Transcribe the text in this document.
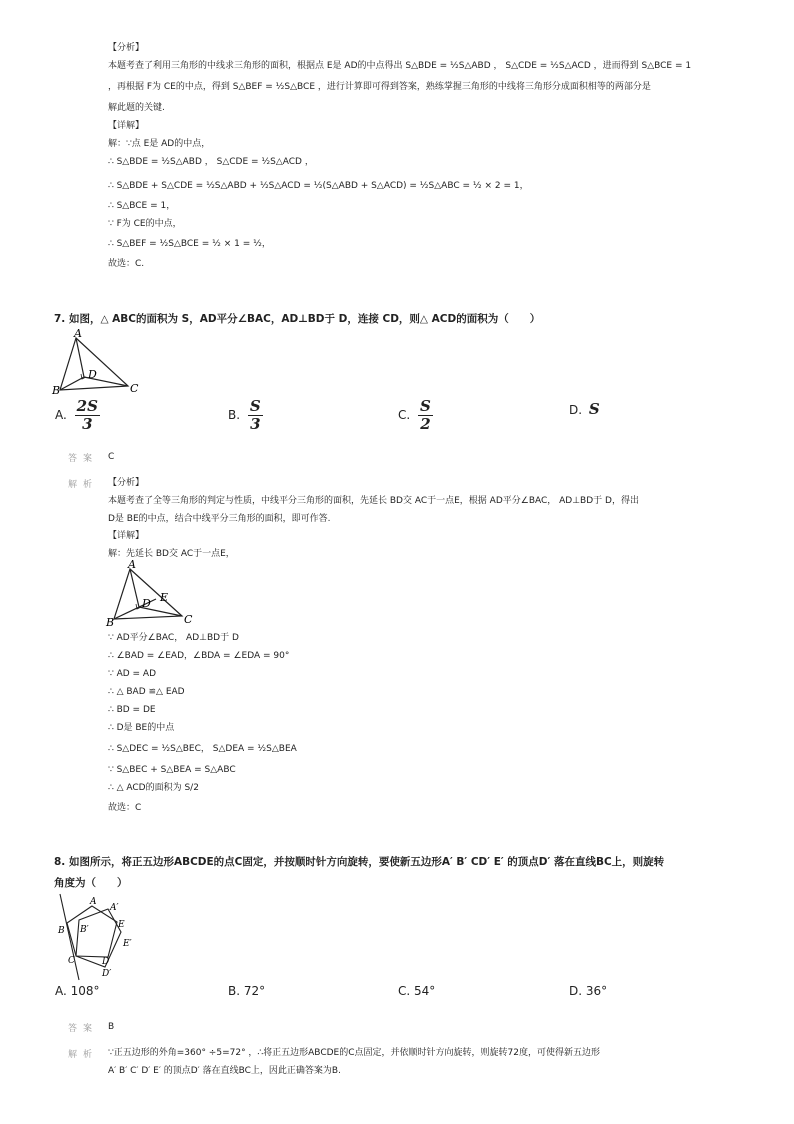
【分析】
本题考查了利用三角形的中线求三角形的面积，根据点 E是 AD的中点得出 S△BDE = ½S△ABD ， S△CDE = ½S△ACD ，进而得到 S△BCE = 1
，再根据 F为 CE的中点，得到 S△BEF = ½S△BCE ，进行计算即可得到答案，熟练掌握三角形的中线将三角形分成面积相等的两部分是
解此题的关键.
【详解】
解：∵点 E是 AD的中点，
∴ S△BDE = ½S△ABD ， S△CDE = ½S△ACD ，
∴ S△BDE + S△CDE = ½S△ABD + ½S△ACD = ½(S△ABD + S△ACD) = ½S△ABC = ½ × 2 = 1，
∴ S△BCE = 1，
∵ F为 CE的中点，
∴ S△BEF = ½S△BCE = ½ × 1 = ½，
故选：C.
7. 如图，△ ABC的面积为 S，AD平分∠BAC，AD⊥BD于 D，连接 CD，则△ ACD的面积为（　　）
A
B	C
D
A. $\frac{2S}{3}$	B. $\frac{S}{3}$	C. $\frac{S}{2}$	D. S
答案 C
解析 【分析】
本题考查了全等三角形的判定与性质，中线平分三角形的面积，先延长 BD交 AC于一点E，根据 AD平分∠BAC， AD⊥BD于 D，得出
D是 BE的中点，结合中线平分三角形的面积，即可作答.
【详解】
解：先延长 BD交 AC于一点E，
A
B	C
D E
∵ AD平分∠BAC， AD⊥BD于 D
∴ ∠BAD = ∠EAD，∠BDA = ∠EDA = 90°
∵ AD = AD
∴ △ BAD ≌△ EAD
∴ BD = DE
∴ D是 BE的中点
∴ S△DEC = ½S△BEC， S△DEA = ½S△BEA
∵ S△BEC + S△BEA = S△ABC
∴ △ ACD的面积为 S/2
故选：C
8. 如图所示，将正五边形ABCDE的点C固定，并按顺时针方向旋转，要使新五边形A′ B′ CD′ E′ 的顶点D′ 落在直线BC上，则旋转
角度为（　　）
A
A′
B B′
C	D
D′
E
E′
A. 108°	B. 72°	C. 54°	D. 36°
答案 B
解析 ∵正五边形的外角=360° ÷5=72° ，∴将正五边形ABCDE的C点固定，并依顺时针方向旋转，则旋转72度，可使得新五边形
A′ B′ C′ D′ E′ 的顶点D′ 落在直线BC上，因此正确答案为B.
